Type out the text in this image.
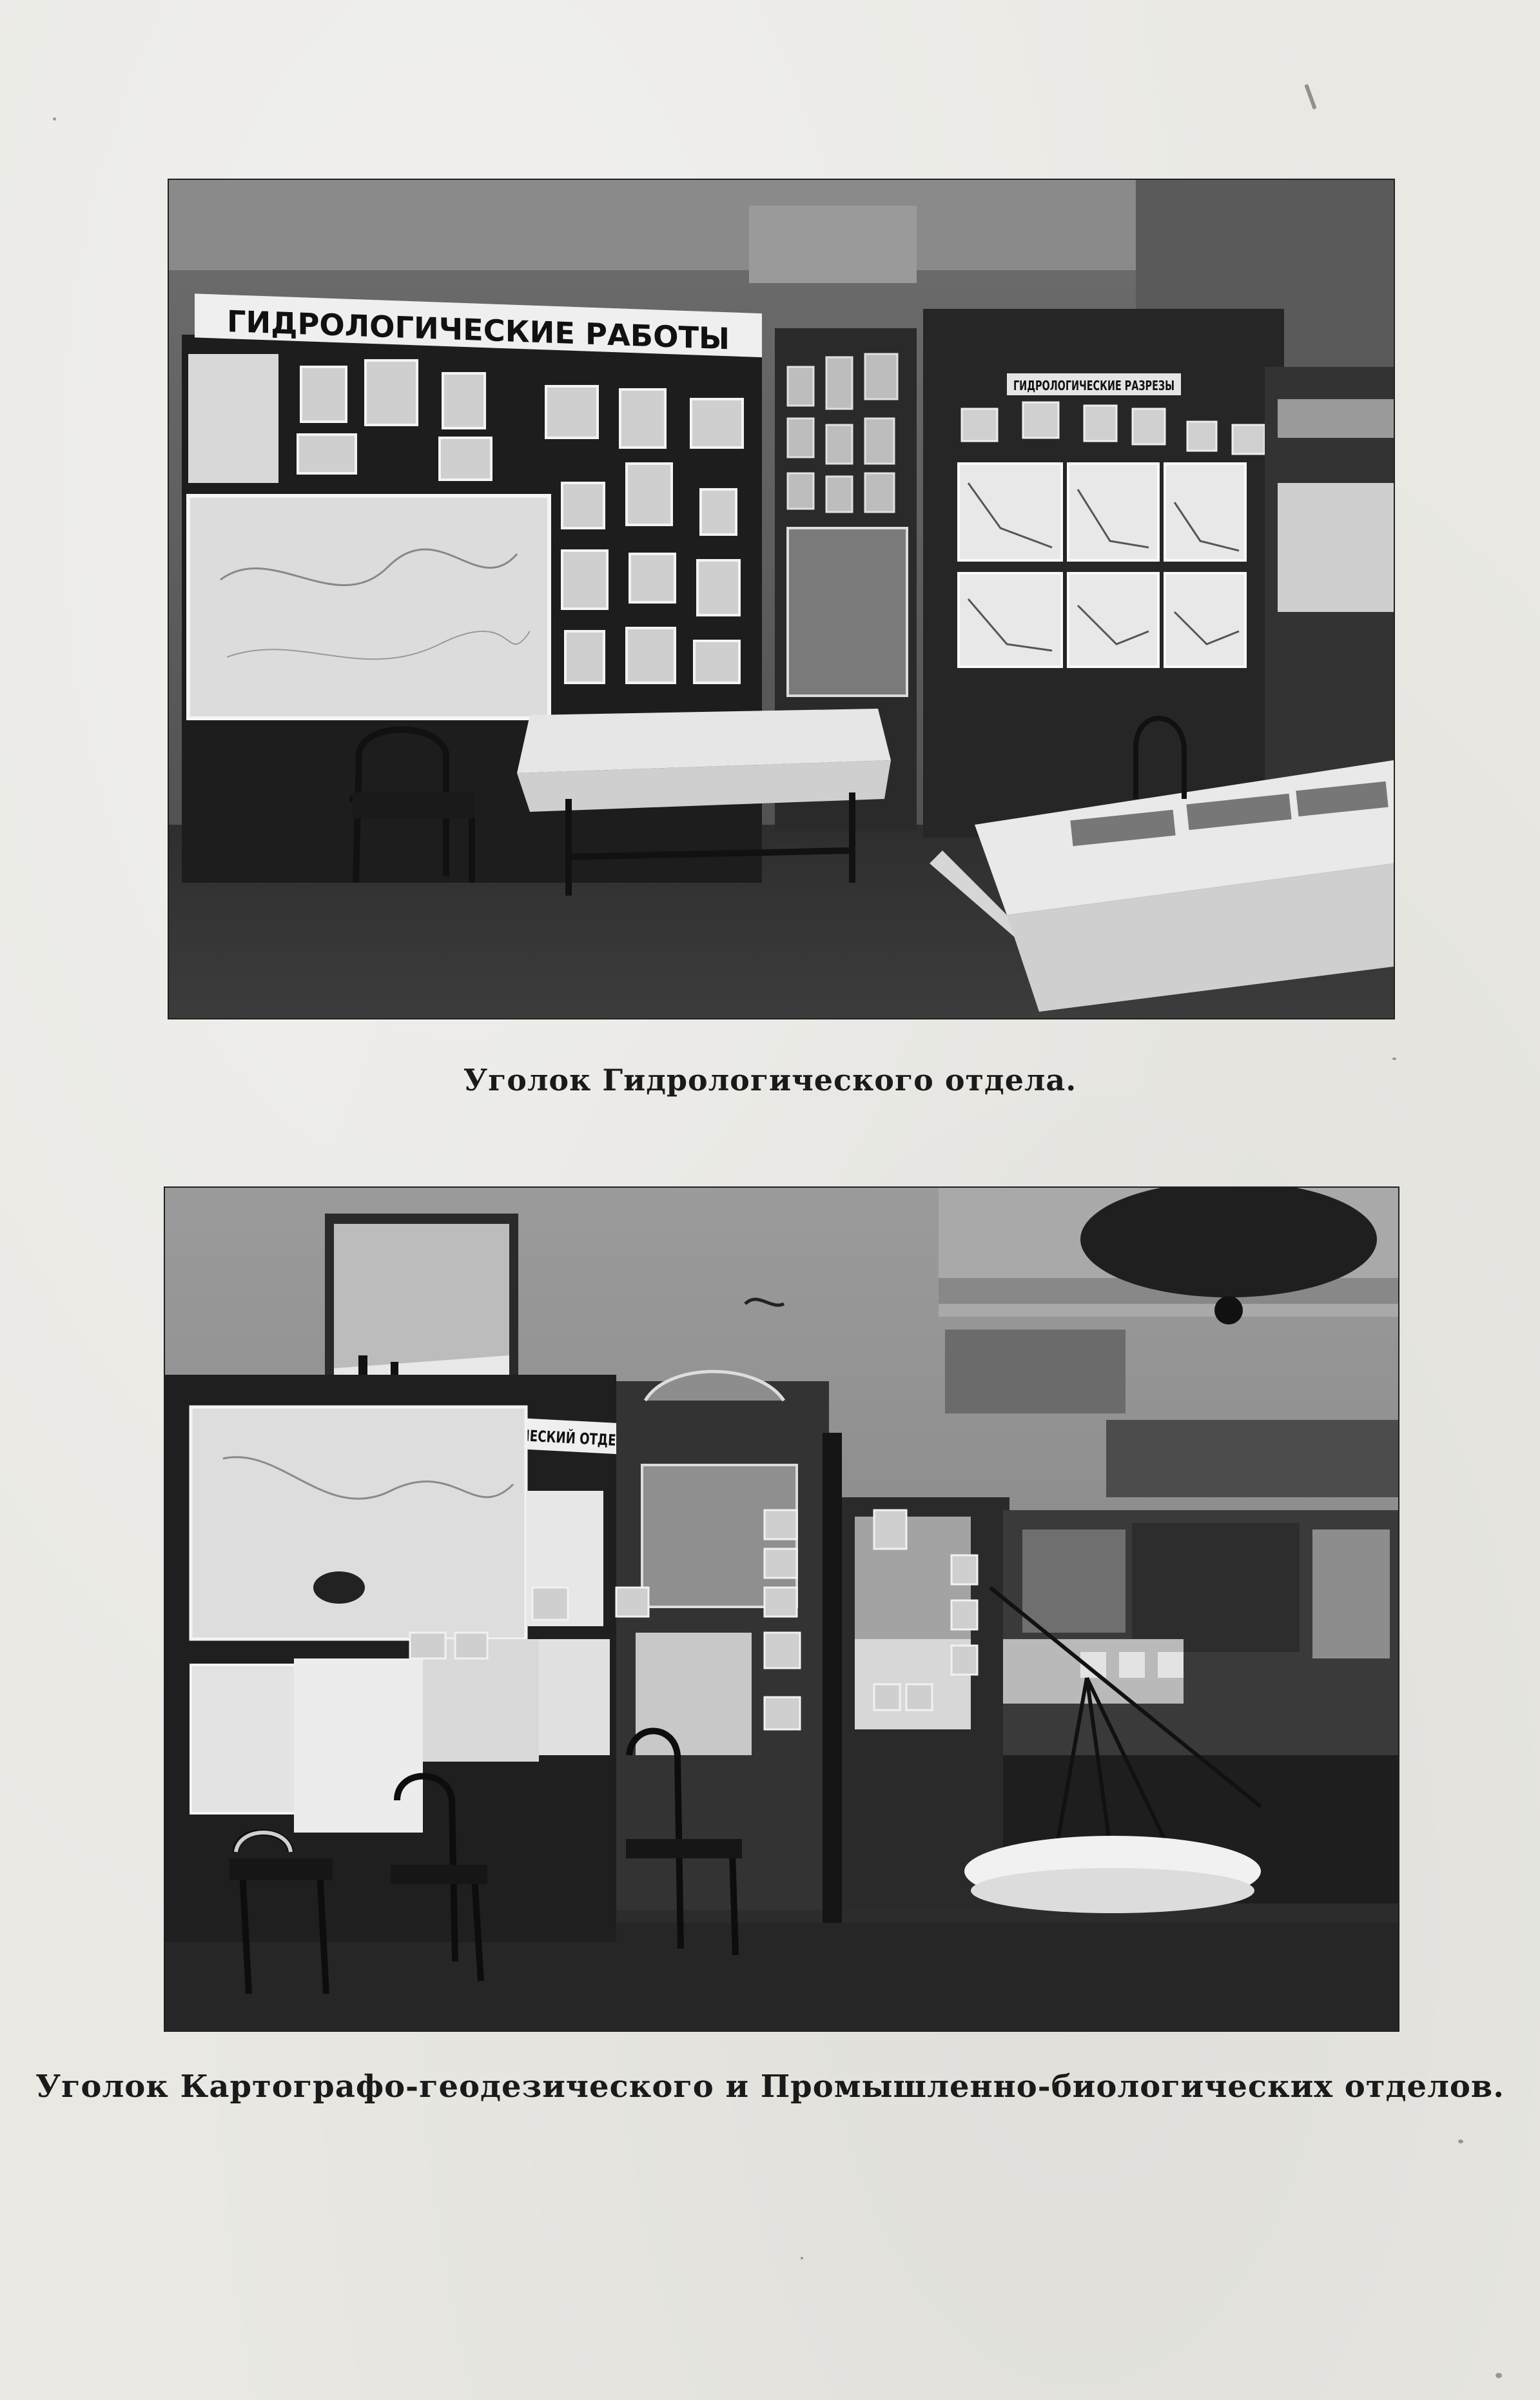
ГИДРОЛОГИЧЕСКИЕ РАБОТЫ
ГИДРОЛОГИЧЕСКИЕ РАЗРЕЗЫ
Уголок Гидрологического отдела.
КАРТОГРАФО-ГЕОДЕЗИЧЕСКИЙ ОТДЕЛ
Уголок Картографо-геодезического и Промышленно-биологических отделов.
